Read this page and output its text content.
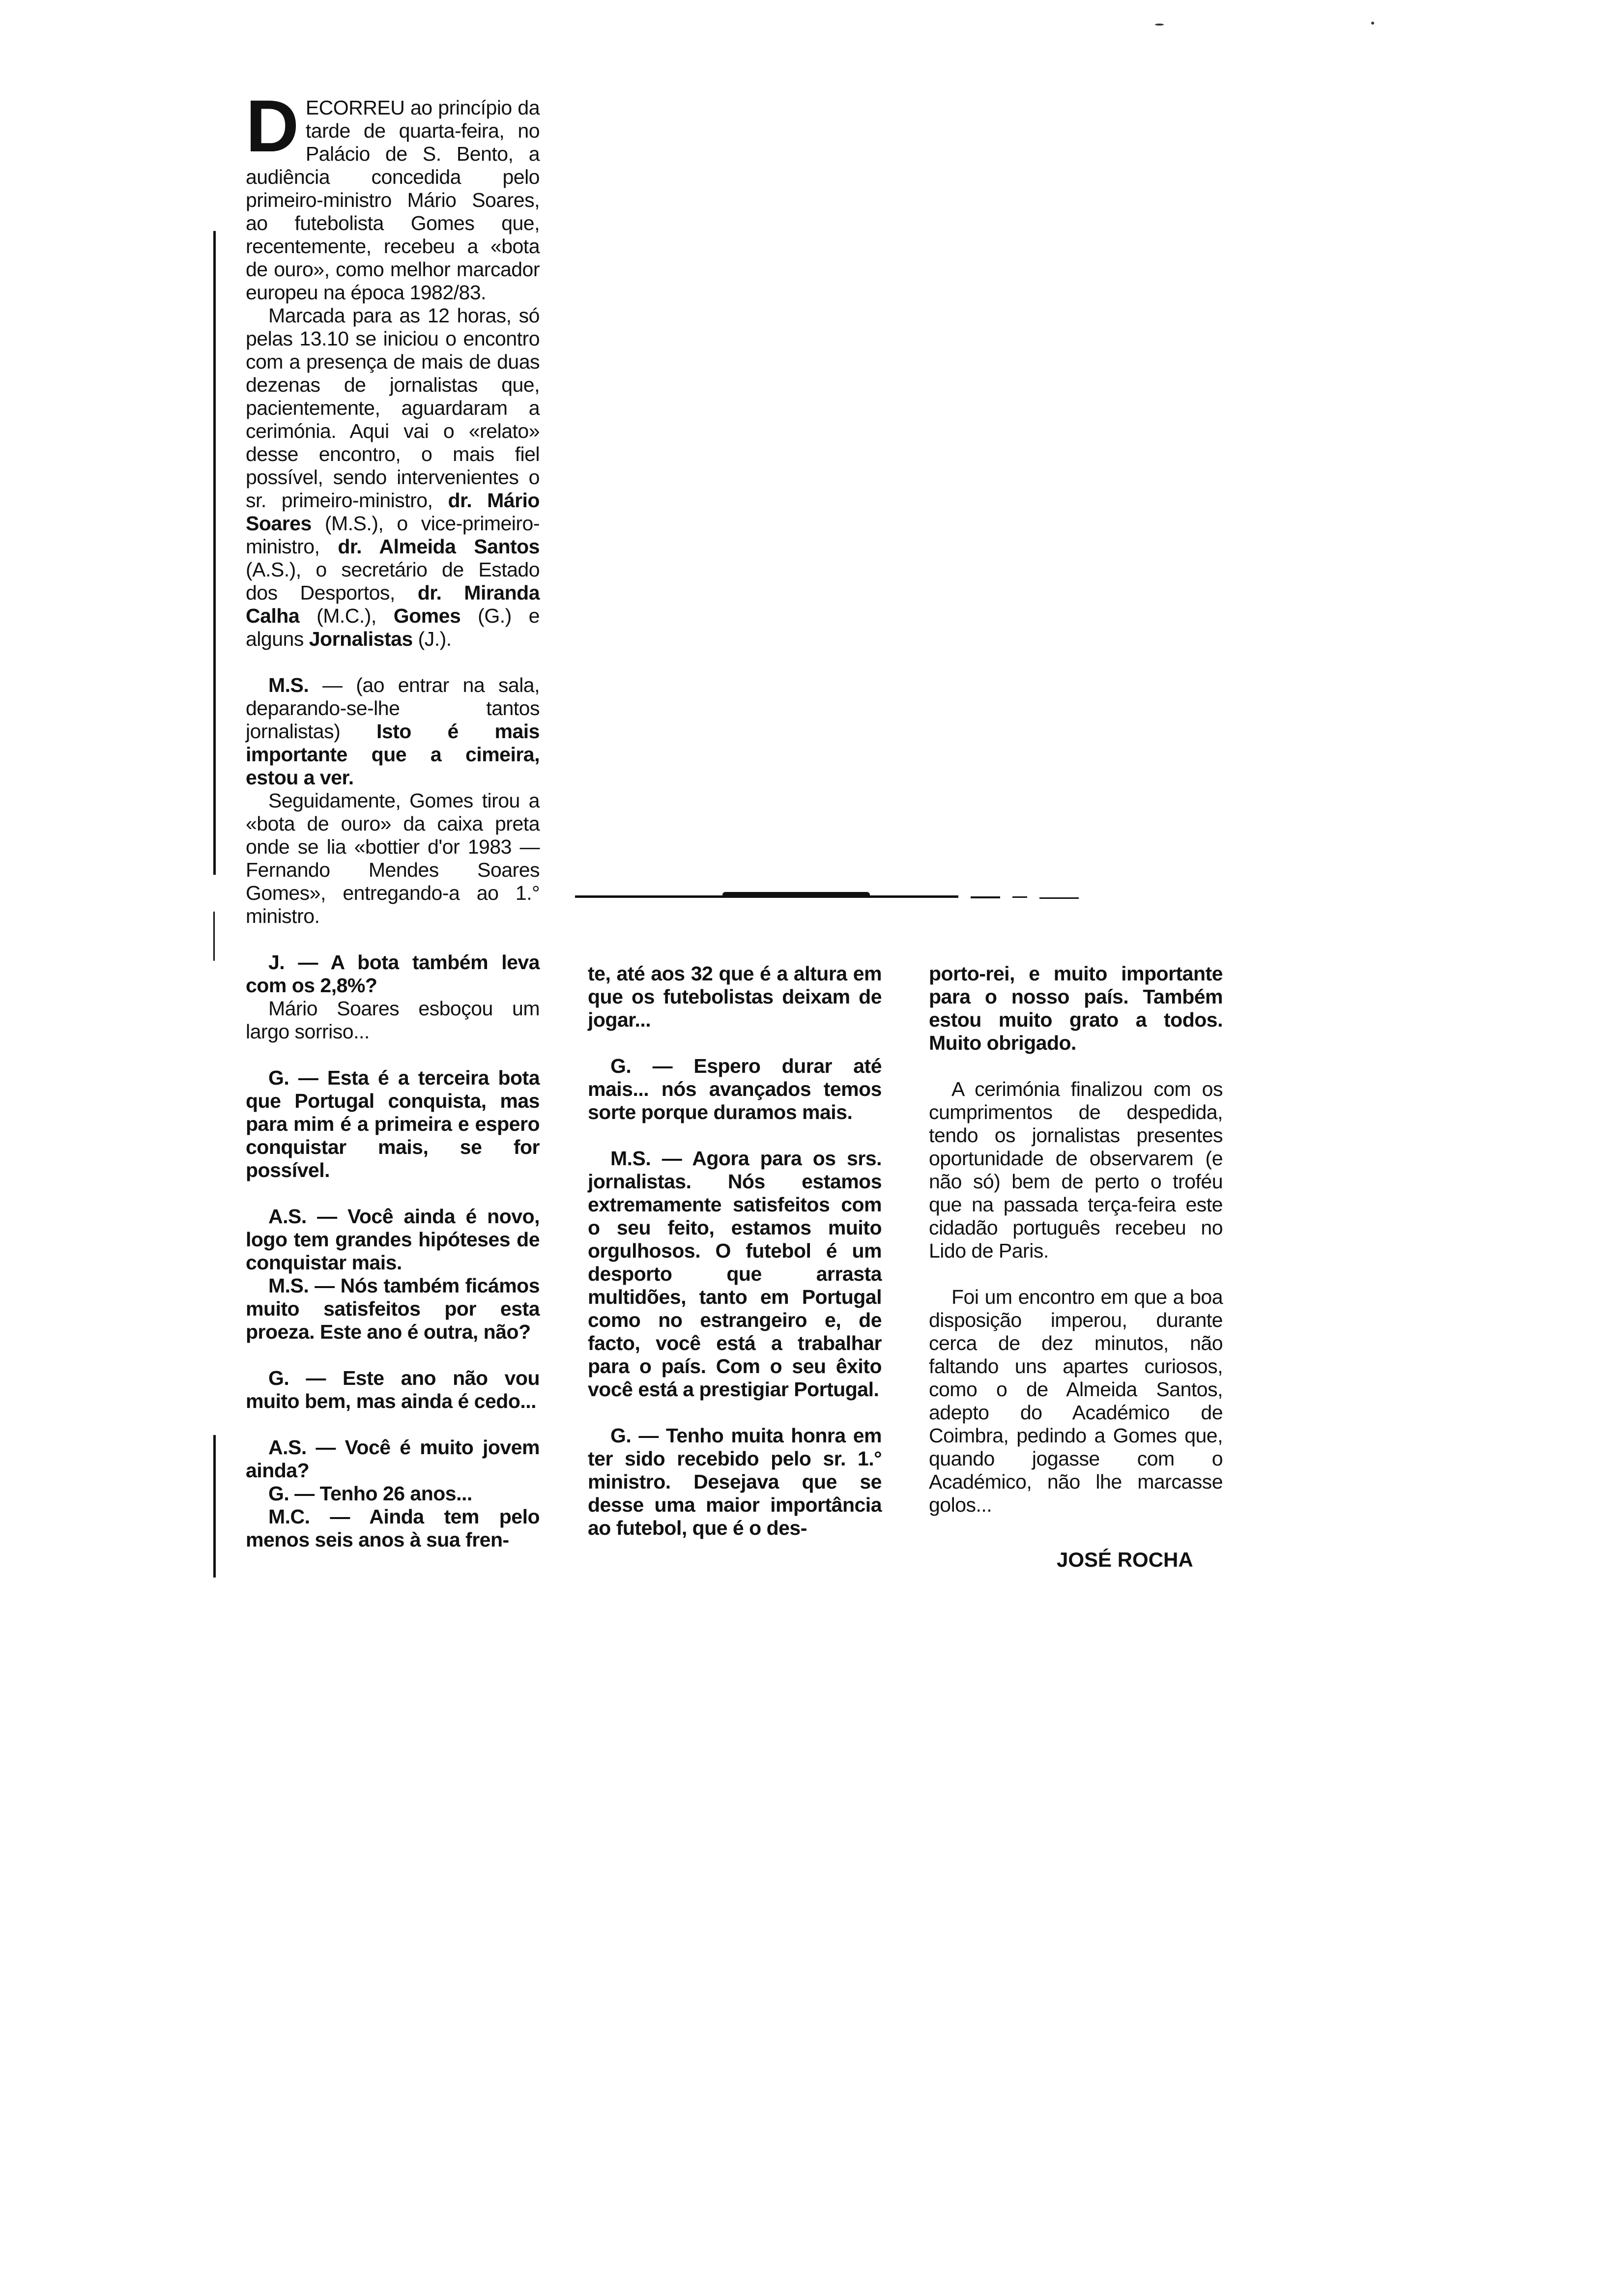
DECORREU ao princípio da tarde de quarta-feira, no Palácio de S. Bento, a audiência concedida pelo primeiro-ministro Mário Soares, ao futebolista Gomes que, recentemente, recebeu a «bota de ouro», como melhor marcador europeu na época 1982/83.

Marcada para as 12 horas, só pelas 13.10 se iniciou o encontro com a presença de mais de duas dezenas de jornalistas que, pacientemente, aguardaram a cerimónia. Aqui vai o «relato» desse encontro, o mais fiel possível, sendo intervenientes o sr. primeiro-ministro, dr. Mário Soares (M.S.), o vice-primeiro-ministro, dr. Almeida Santos (A.S.), o secretário de Estado dos Desportos, dr. Miranda Calha (M.C.), Gomes (G.) e alguns Jornalistas (J.).

M.S. — (ao entrar na sala, deparando-se-lhe tantos jornalistas) Isto é mais importante que a cimeira, estou a ver.

Seguidamente, Gomes tirou a «bota de ouro» da caixa preta onde se lia «bottier d'or 1983 — Fernando Mendes Soares Gomes», entregando-a ao 1.° ministro.

J. — A bota também leva com os 2,8%?

Mário Soares esboçou um largo sorriso...

G. — Esta é a terceira bota que Portugal conquista, mas para mim é a primeira e espero conquistar mais, se for possível.

A.S. — Você ainda é novo, logo tem grandes hipóteses de conquistar mais.

M.S. — Nós também ficámos muito satisfeitos por esta proeza. Este ano é outra, não?

G. — Este ano não vou muito bem, mas ainda é cedo...

A.S. — Você é muito jovem ainda?

G. — Tenho 26 anos...

M.C. — Ainda tem pelo menos seis anos à sua fren-

te, até aos 32 que é a altura em que os futebolistas deixam de jogar...

G. — Espero durar até mais... nós avançados temos sorte porque duramos mais.

M.S. — Agora para os srs. jornalistas. Nós estamos extremamente satisfeitos com o seu feito, estamos muito orgulhosos. O futebol é um desporto que arrasta multidões, tanto em Portugal como no estrangeiro e, de facto, você está a trabalhar para o país. Com o seu êxito você está a prestigiar Portugal.

G. — Tenho muita honra em ter sido recebido pelo sr. 1.° ministro. Desejava que se desse uma maior importância ao futebol, que é o des-

porto-rei, e muito importante para o nosso país. Também estou muito grato a todos. Muito obrigado.

A cerimónia finalizou com os cumprimentos de despedida, tendo os jornalistas presentes oportunidade de observarem (e não só) bem de perto o troféu que na passada terça-feira este cidadão português recebeu no Lido de Paris.

Foi um encontro em que a boa disposição imperou, durante cerca de dez minutos, não faltando uns apartes curiosos, como o de Almeida Santos, adepto do Académico de Coimbra, pedindo a Gomes que, quando jogasse com o Académico, não lhe marcasse golos...

JOSÉ ROCHA
